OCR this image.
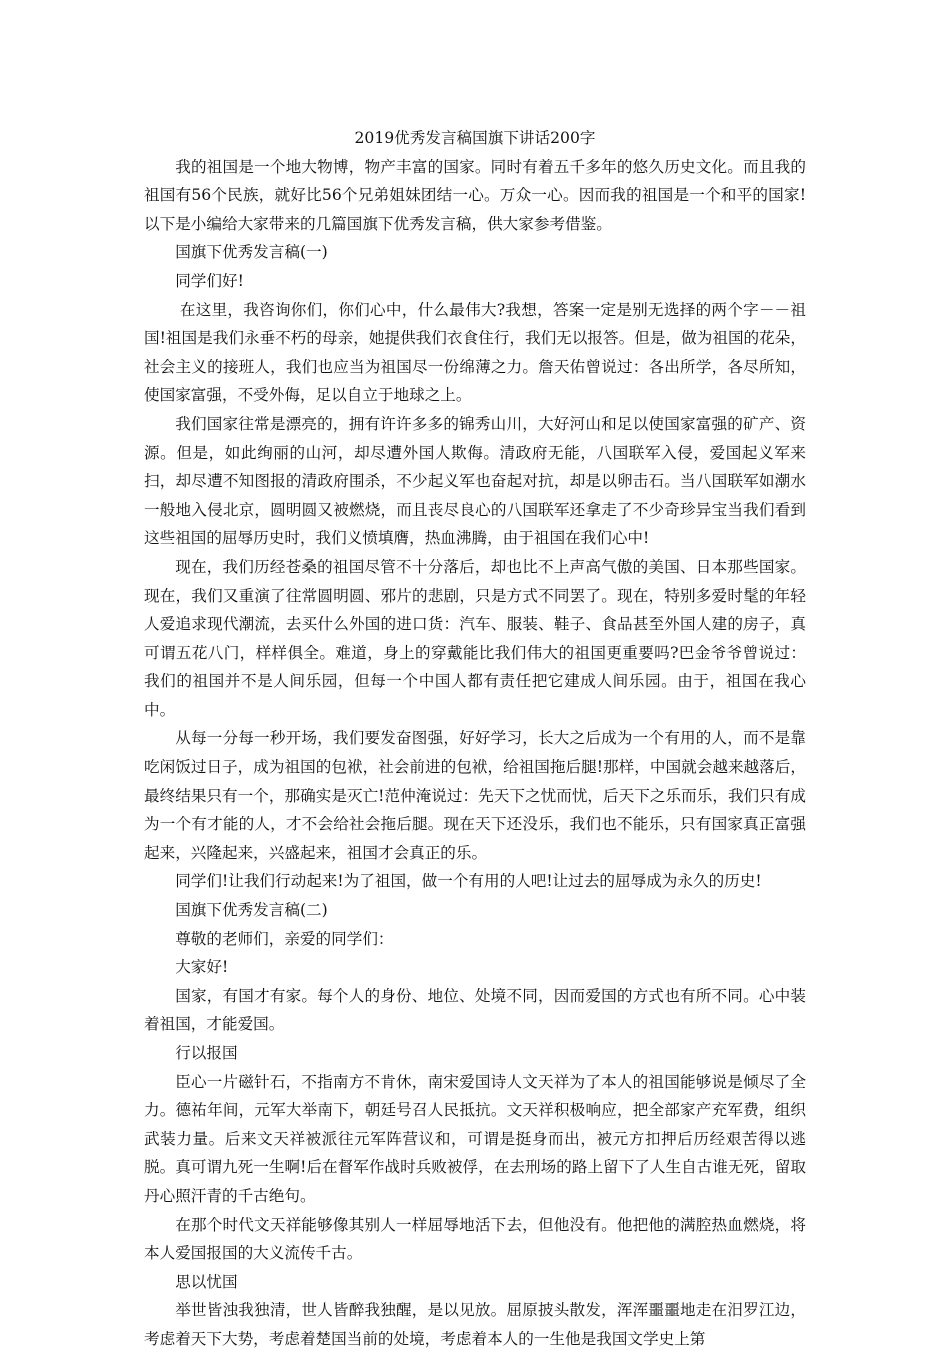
2019优秀发言稿国旗下讲话200字

我的祖国是一个地大物博，物产丰富的国家。同时有着五千多年的悠久历史文化。而且我的祖国有56个民族，就好比56个兄弟姐妹团结一心。万众一心。因而我的祖国是一个和平的国家!以下是小编给大家带来的几篇国旗下优秀发言稿，供大家参考借鉴。

国旗下优秀发言稿(一)

同学们好!

在这里，我咨询你们，你们心中，什么最伟大?我想，答案一定是别无选择的两个字－－祖国!祖国是我们永垂不朽的母亲，她提供我们衣食住行，我们无以报答。但是，做为祖国的花朵，社会主义的接班人，我们也应当为祖国尽一份绵薄之力。詹天佑曾说过：各出所学，各尽所知，使国家富强，不受外侮，足以自立于地球之上。

我们国家往常是漂亮的，拥有许许多多的锦秀山川，大好河山和足以使国家富强的矿产、资源。但是，如此绚丽的山河，却尽遭外国人欺侮。清政府无能，八国联军入侵，爱国起义军来扫，却尽遭不知图报的清政府围杀，不少起义军也奋起对抗，却是以卵击石。当八国联军如潮水一般地入侵北京，圆明圆又被燃烧，而且丧尽良心的八国联军还拿走了不少奇珍异宝当我们看到这些祖国的屈辱历史时，我们义愤填膺，热血沸腾，由于祖国在我们心中!

现在，我们历经苍桑的祖国尽管不十分落后，却也比不上声高气傲的美国、日本那些国家。现在，我们又重演了往常圆明圆、邪片的悲剧，只是方式不同罢了。现在，特别多爱时髦的年轻人爱追求现代潮流，去买什么外国的进口货：汽车、服装、鞋子、食品甚至外国人建的房子，真可谓五花八门，样样俱全。难道，身上的穿戴能比我们伟大的祖国更重要吗?巴金爷爷曾说过：我们的祖国并不是人间乐园，但每一个中国人都有责任把它建成人间乐园。由于，祖国在我心中。

从每一分每一秒开场，我们要发奋图强，好好学习，长大之后成为一个有用的人，而不是靠吃闲饭过日子，成为祖国的包袱，社会前进的包袱，给祖国拖后腿!那样，中国就会越来越落后，最终结果只有一个，那确实是灭亡!范仲淹说过：先天下之忧而忧，后天下之乐而乐，我们只有成为一个有才能的人，才不会给社会拖后腿。现在天下还没乐，我们也不能乐，只有国家真正富强起来，兴隆起来，兴盛起来，祖国才会真正的乐。

同学们!让我们行动起来!为了祖国，做一个有用的人吧!让过去的屈辱成为永久的历史!

国旗下优秀发言稿(二)

尊敬的老师们，亲爱的同学们：

大家好!

国家，有国才有家。每个人的身份、地位、处境不同，因而爱国的方式也有所不同。心中装着祖国，才能爱国。

行以报国

臣心一片磁针石，不指南方不肯休，南宋爱国诗人文天祥为了本人的祖国能够说是倾尽了全力。德祐年间，元军大举南下，朝廷号召人民抵抗。文天祥积极响应，把全部家产充军费，组织武装力量。后来文天祥被派往元军阵营议和，可谓是挺身而出，被元方扣押后历经艰苦得以逃脱。真可谓九死一生啊!后在督军作战时兵败被俘，在去刑场的路上留下了人生自古谁无死，留取丹心照汗青的千古绝句。

在那个时代文天祥能够像其别人一样屈辱地活下去，但他没有。他把他的满腔热血燃烧，将本人爱国报国的大义流传千古。

思以忧国

举世皆浊我独清，世人皆醉我独醒，是以见放。屈原披头散发，浑浑噩噩地走在汨罗江边，考虑着天下大势，考虑着楚国当前的处境，考虑着本人的一生他是我国文学史上第
